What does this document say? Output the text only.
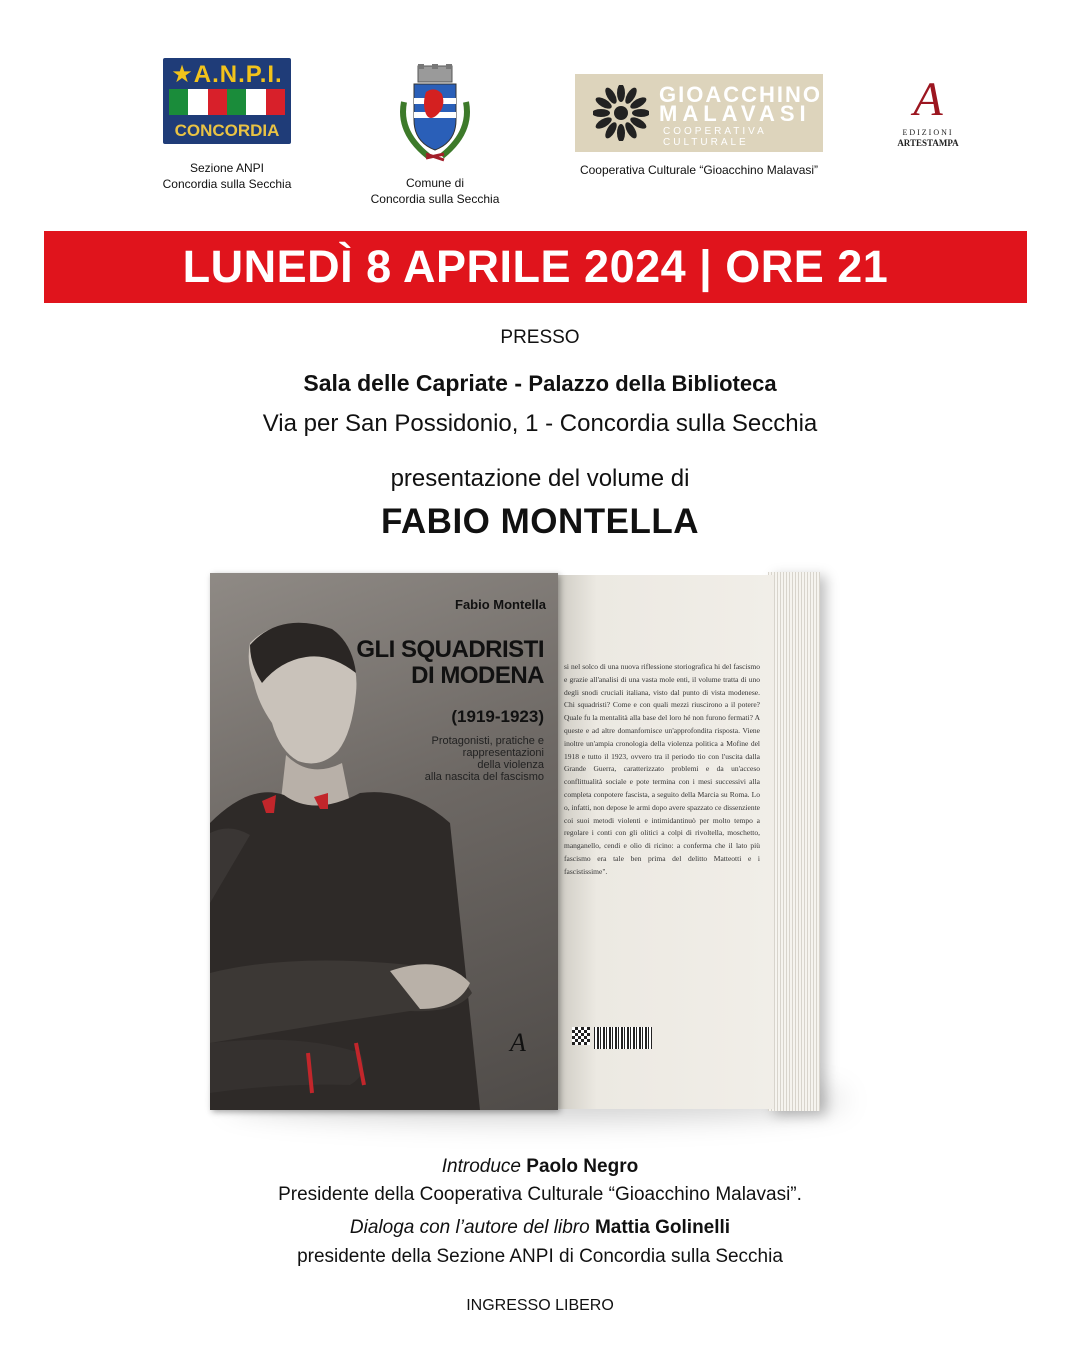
★A.N.P.I.
CONCORDIA
Sezione ANPI
Concordia sulla Secchia	Comune di
Concordia sulla Secchia
GIOACCHINO
MALAVASI
COOPERATIVA CULTURALE
Cooperativa Culturale “Gioacchino Malavasi”
A
EDIZIONI
ARTESTAMPA
LUNEDÌ 8 APRILE 2024 | ORE 21
PRESSO
Sala delle Capriate - Palazzo della Biblioteca
Via per San Possidonio, 1 - Concordia sulla Secchia
presentazione del volume di
FABIO MONTELLA
si nel solco di una nuova riflessione storiografica hi del fascismo e grazie all'analisi di una vasta mole enti, il volume tratta di uno degli snodi cruciali italiana, visto dal punto di vista modenese. Chi squadristi? Come e con quali mezzi riuscirono a il potere? Quale fu la mentalità alla base del loro hé non furono fermati? A queste e ad altre domanfornisce un'approfondita risposta. Viene inoltre un'ampia cronologia della violenza politica a Mofine del 1918 e tutto il 1923, ovvero tra il periodo tio con l'uscita dalla Grande Guerra, caratterizzato problemi e da un'acceso conflittualità sociale e pote termina con i mesi successivi alla completa conpotere fascista, a seguito della Marcia su Roma. Lo o, infatti, non depose le armi dopo avere spazzato ce dissenziente coi suoi metodi violenti e intimidantinuò per molto tempo a regolare i conti con gli olitici a colpi di rivoltella, moschetto, manganello, cendi e olio di ricino: a conferma che il lato più fascismo era tale ben prima del delitto Matteotti e i fascistissime".
Fabio Montella
GLI SQUADRISTI
DI MODENA
(1919-1923)
Protagonisti, pratiche e
rappresentazioni
della violenza
alla nascita del fascismo
A
Introduce Paolo Negro
Presidente della Cooperativa Culturale “Gioacchino Malavasi”.
Dialoga con l’autore del libro Mattia Golinelli
presidente della Sezione ANPI di Concordia sulla Secchia
INGRESSO LIBERO
